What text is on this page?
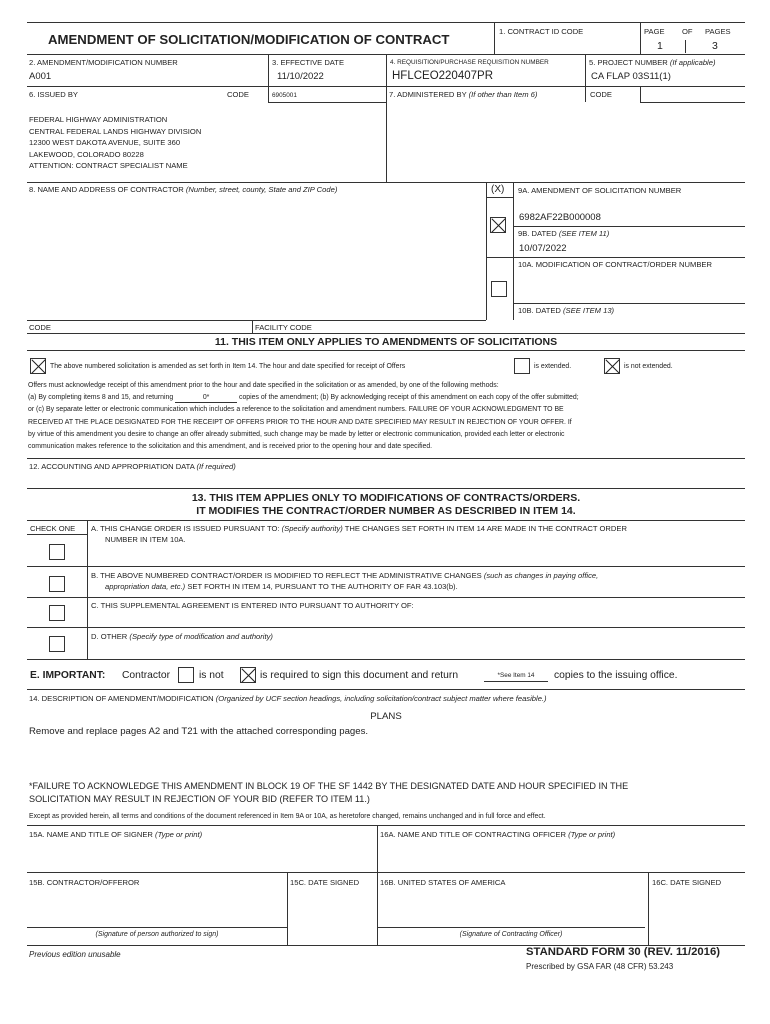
AMENDMENT OF SOLICITATION/MODIFICATION OF CONTRACT
1. CONTRACT ID CODE	PAGE OF PAGES
1	3
2. AMENDMENT/MODIFICATION NUMBER
A001
3. EFFECTIVE DATE
11/10/2022
4. REQUISITION/PURCHASE REQUISITION NUMBER
HFLCEO220407PR
5. PROJECT NUMBER (If applicable)
CA FLAP 03S11(1)
6. ISSUED BY	CODE	6905001	7. ADMINISTERED BY (If other than Item 6)	CODE
FEDERAL HIGHWAY ADMINISTRATION
CENTRAL FEDERAL LANDS HIGHWAY DIVISION
12300 WEST DAKOTA AVENUE, SUITE 360
LAKEWOOD, COLORADO 80228
ATTENTION: CONTRACT SPECIALIST NAME
8. NAME AND ADDRESS OF CONTRACTOR (Number, street, county, State and ZIP Code)	(X) 9A. AMENDMENT OF SOLICITATION NUMBER
6982AF22B000008
9B. DATED (SEE ITEM 11)
10/07/2022
10A. MODIFICATION OF CONTRACT/ORDER NUMBER
10B. DATED (SEE ITEM 13)
CODE	FACILITY CODE
11. THIS ITEM ONLY APPLIES TO AMENDMENTS OF SOLICITATIONS
The above numbered solicitation is amended as set forth in Item 14. The hour and date specified for receipt of Offers	is extended.	is not extended.
Offers must acknowledge receipt of this amendment prior to the hour and date specified in the solicitation or as amended, by one of the following methods:
(a) By completing items 8 and 15, and returning	0*	copies of the amendment; (b) By acknowledging receipt of this amendment on each copy of the offer submitted;
or (c) By separate letter or electronic communication which includes a reference to the solicitation and amendment numbers. FAILURE OF YOUR ACKNOWLEDGMENT TO BE
RECEIVED AT THE PLACE DESIGNATED FOR THE RECEIPT OF OFFERS PRIOR TO THE HOUR AND DATE SPECIFIED MAY RESULT IN REJECTION OF YOUR OFFER. If
by virtue of this amendment you desire to change an offer already submitted, such change may be made by letter or electronic communication, provided each letter or electronic
communication makes reference to the solicitation and this amendment, and is received prior to the opening hour and date specified.
12. ACCOUNTING AND APPROPRIATION DATA (If required)
13. THIS ITEM APPLIES ONLY TO MODIFICATIONS OF CONTRACTS/ORDERS.
IT MODIFIES THE CONTRACT/ORDER NUMBER AS DESCRIBED IN ITEM 14.
CHECK ONE A. THIS CHANGE ORDER IS ISSUED PURSUANT TO: (Specify authority) THE CHANGES SET FORTH IN ITEM 14 ARE MADE IN THE CONTRACT ORDER
NUMBER IN ITEM 10A.
B. THE ABOVE NUMBERED CONTRACT/ORDER IS MODIFIED TO REFLECT THE ADMINISTRATIVE CHANGES (such as changes in paying office,
appropriation data, etc.) SET FORTH IN ITEM 14, PURSUANT TO THE AUTHORITY OF FAR 43.103(b).
C. THIS SUPPLEMENTAL AGREEMENT IS ENTERED INTO PURSUANT TO AUTHORITY OF:
D. OTHER (Specify type of modification and authority)
E. IMPORTANT: Contractor	is not	is required to sign this document and return	*See Item 14	copies to the issuing office.
14. DESCRIPTION OF AMENDMENT/MODIFICATION (Organized by UCF section headings, including solicitation/contract subject matter where feasible.)
PLANS
Remove and replace pages A2 and T21 with the attached corresponding pages.
*FAILURE TO ACKNOWLEDGE THIS AMENDMENT IN BLOCK 19 OF THE SF 1442 BY THE DESIGNATED DATE AND HOUR SPECIFIED IN THE
SOLICITATION MAY RESULT IN REJECTION OF YOUR BID (REFER TO ITEM 11.)
Except as provided herein, all terms and conditions of the document referenced in Item 9A or 10A, as heretofore changed, remains unchanged and in full force and effect.
15A. NAME AND TITLE OF SIGNER (Type or print)	16A. NAME AND TITLE OF CONTRACTING OFFICER (Type or print)
15B. CONTRACTOR/OFFEROR	15C. DATE SIGNED	16B. UNITED STATES OF AMERICA	16C. DATE SIGNED
(Signature of person authorized to sign)	(Signature of Contracting Officer)
Previous edition unusable	STANDARD FORM 30 (REV. 11/2016)
Prescribed by GSA FAR (48 CFR) 53.243
